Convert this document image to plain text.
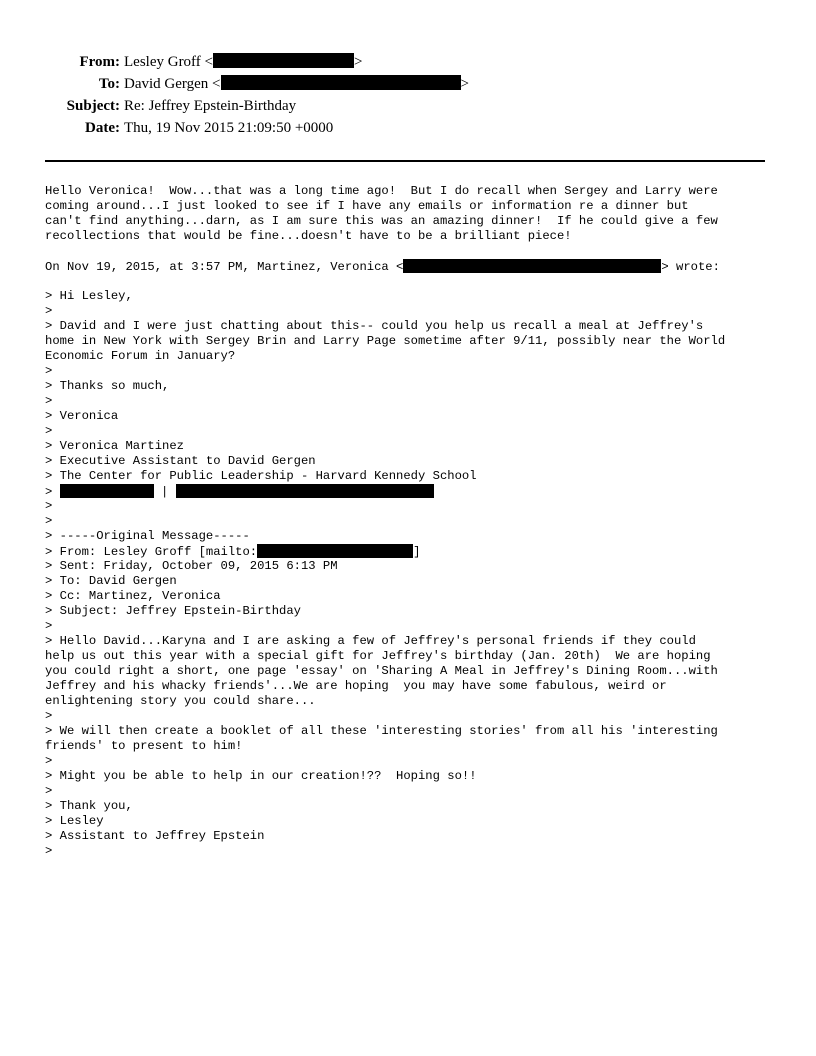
From: Lesley Groff <	>
To: David Gergen <	>
Subject: Re: Jeffrey Epstein-Birthday
Date: Thu, 19 Nov 2015 21:09:50 +0000
Hello Veronica!  Wow...that was a long time ago!  But I do recall when Sergey and Larry were
coming around...I just looked to see if I have any emails or information re a dinner but
can't find anything...darn, as I am sure this was an amazing dinner!  If he could give a few
recollections that would be fine...doesn't have to be a brilliant piece!
On Nov 19, 2015, at 3:57 PM, Martinez, Veronica <	> wrote:
> Hi Lesley,
>
> David and I were just chatting about this-- could you help us recall a meal at Jeffrey's
home in New York with Sergey Brin and Larry Page sometime after 9/11, possibly near the World
Economic Forum in January?
>
> Thanks so much,
>
> Veronica
>
> Veronica Martinez
> Executive Assistant to David Gergen
> The Center for Public Leadership - Harvard Kennedy School
>	|
>
>
> -----Original Message-----
> From: Lesley Groff [mailto:	]
> Sent: Friday, October 09, 2015 6:13 PM
> To: David Gergen
> Cc: Martinez, Veronica
> Subject: Jeffrey Epstein-Birthday
>
> Hello David...Karyna and I are asking a few of Jeffrey's personal friends if they could
help us out this year with a special gift for Jeffrey's birthday (Jan. 20th)  We are hoping
you could right a short, one page 'essay' on 'Sharing A Meal in Jeffrey's Dining Room...with
Jeffrey and his whacky friends'...We are hoping  you may have some fabulous, weird or
enlightening story you could share...
>
> We will then create a booklet of all these 'interesting stories' from all his 'interesting
friends' to present to him!
>
> Might you be able to help in our creation!??  Hoping so!!
>
> Thank you,
> Lesley
> Assistant to Jeffrey Epstein
>
